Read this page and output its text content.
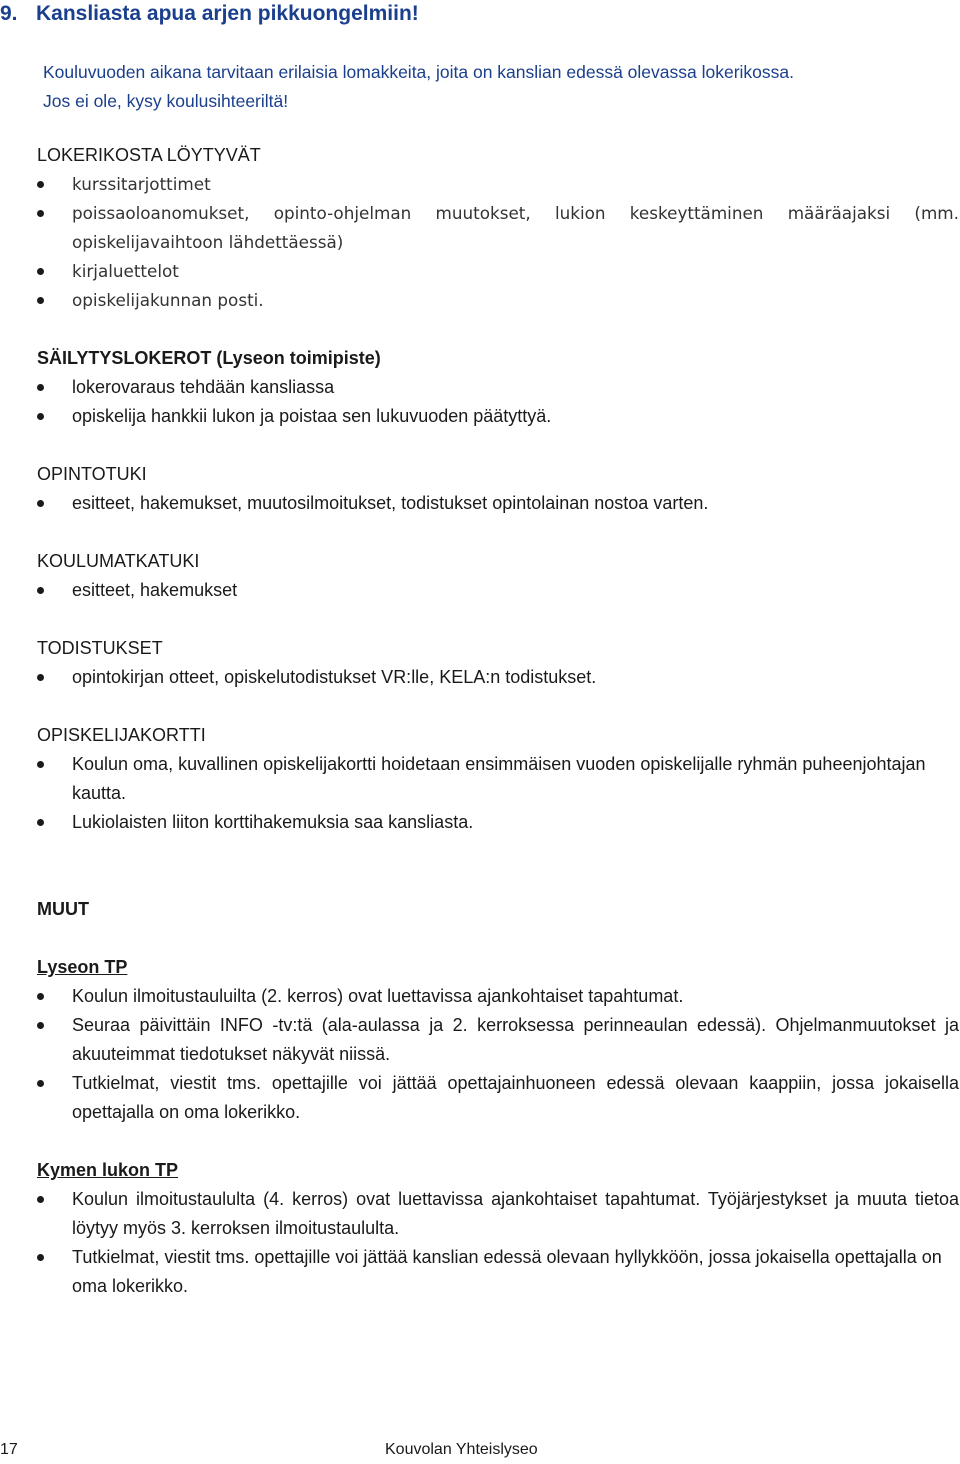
9. Kansliasta apua arjen pikkuongelmiin!
Kouluvuoden aikana tarvitaan erilaisia lomakkeita, joita on kanslian edessä olevassa lokerikossa.
Jos ei ole, kysy koulusihteeriltä!

LOKERIKOSTA LÖYTYVÄT

kurssitarjottimet
poissaoloanomukset, opinto-ohjelman muutokset, lukion keskeyttäminen määräajaksi (mm. opiskelijavaihtoon lähdettäessä)
kirjaluettelot
opiskelijakunnan posti.

SÄILYTYSLOKEROT (Lyseon toimipiste)

lokerovaraus tehdään kansliassa
opiskelija hankkii lukon ja poistaa sen lukuvuoden päätyttyä.

OPINTOTUKI

esitteet, hakemukset, muutosilmoitukset, todistukset opintolainan nostoa varten.

KOULUMATKATUKI

esitteet, hakemukset

TODISTUKSET

opintokirjan otteet, opiskelutodistukset VR:lle, KELA:n todistukset.

OPISKELIJAKORTTI

Koulun oma, kuvallinen opiskelijakortti hoidetaan ensimmäisen vuoden opiskelijalle ryhmän puheenjohtajan kautta.
Lukiolaisten liiton korttihakemuksia saa kansliasta.

MUUT

Lyseon TP

Koulun ilmoitustauluilta (2. kerros) ovat luettavissa ajankohtaiset tapahtumat.
Seuraa päivittäin INFO -tv:tä (ala-aulassa ja 2. kerroksessa perinneaulan edessä). Ohjelmanmuutokset ja akuuteimmat tiedotukset näkyvät niissä.
Tutkielmat, viestit tms. opettajille voi jättää opettajainhuoneen edessä olevaan kaappiin, jossa jokaisella opettajalla on oma lokerikko.

Kymen lukon TP

Koulun ilmoitustaululta (4. kerros) ovat luettavissa ajankohtaiset tapahtumat. Työjärjestykset ja muuta tietoa löytyy myös 3. kerroksen ilmoitustaululta.
Tutkielmat, viestit tms. opettajille voi jättää kanslian edessä olevaan hyllykköön, jossa jokaisella opettajalla on oma lokerikko.
17	Kouvolan Yhteislyseo
